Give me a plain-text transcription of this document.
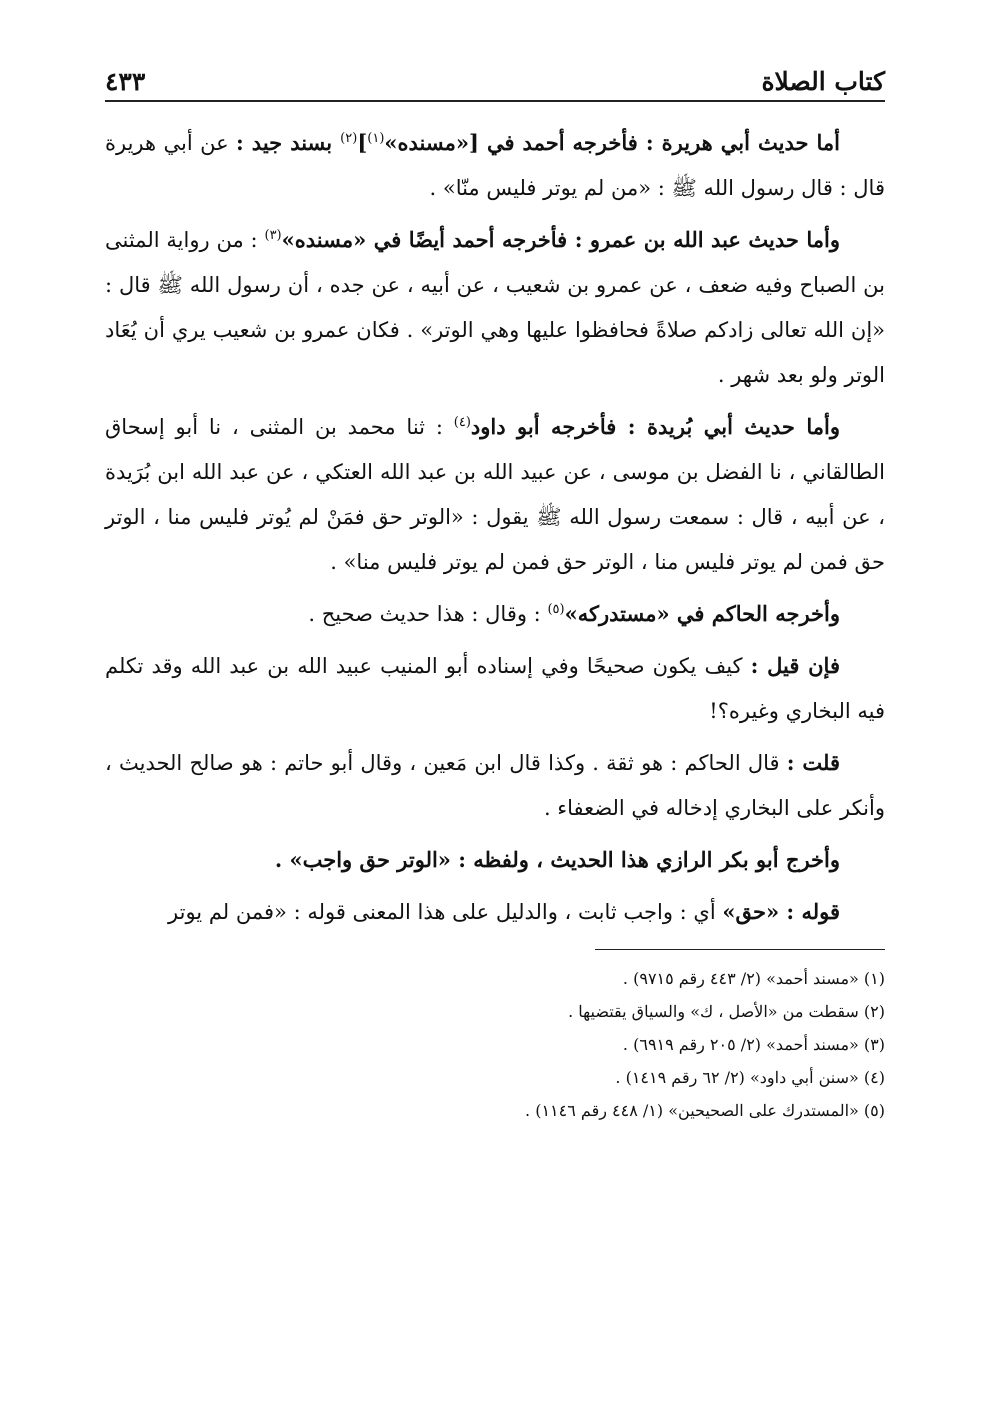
كتاب الصلاة
٤٣٣

أما حديث أبي هريرة : فأخرجه أحمد في [«مسنده»$^{(١)}$]$^{(٢)}$ بسند جيد : عن أبي هريرة قال : قال رسول الله ﷺ : «من لم يوتر فليس منّا» .

وأما حديث عبد الله بن عمرو : فأخرجه أحمد أيضًا في «مسنده»$^{(٣)}$ : من رواية المثنى بن الصباح وفيه ضعف ، عن عمرو بن شعيب ، عن أبيه ، عن جده ، أن رسول الله ﷺ قال : «إن الله تعالى زادكم صلاةً فحافظوا عليها وهي الوتر» . فكان عمرو بن شعيب يري أن يُعَاد الوتر ولو بعد شهر .

وأما حديث أبي بُريدة : فأخرجه أبو داود$^{(٤)}$ : ثنا محمد بن المثنى ، نا أبو إسحاق الطالقاني ، نا الفضل بن موسى ، عن عبيد الله بن عبد الله العتكي ، عن عبد الله ابن بُرَيدة ، عن أبيه ، قال : سمعت رسول الله ﷺ يقول : «الوتر حق فمَنْ لم يُوتر فليس منا ، الوتر حق فمن لم يوتر فليس منا ، الوتر حق فمن لم يوتر فليس منا» .

وأخرجه الحاكم في «مستدركه»$^{(٥)}$ : وقال : هذا حديث صحيح .

فإن قيل : كيف يكون صحيحًا وفي إسناده أبو المنيب عبيد الله بن عبد الله وقد تكلم فيه البخاري وغيره؟!

قلت : قال الحاكم : هو ثقة . وكذا قال ابن مَعين ، وقال أبو حاتم : هو صالح الحديث ، وأنكر على البخاري إدخاله في الضعفاء .

وأخرج أبو بكر الرازي هذا الحديث ، ولفظه : «الوتر حق واجب» .

قوله : «حق» أي : واجب ثابت ، والدليل على هذا المعنى قوله : «فمن لم يوتر

(١) «مسند أحمد» (٢/ ٤٤٣ رقم ٩٧١٥) .

(٢) سقطت من «الأصل ، ك» والسياق يقتضيها .

(٣) «مسند أحمد» (٢/ ٢٠٥ رقم ٦٩١٩) .

(٤) «سنن أبي داود» (٢/ ٦٢ رقم ١٤١٩) .

(٥) «المستدرك على الصحيحين» (١/ ٤٤٨ رقم ١١٤٦) .
